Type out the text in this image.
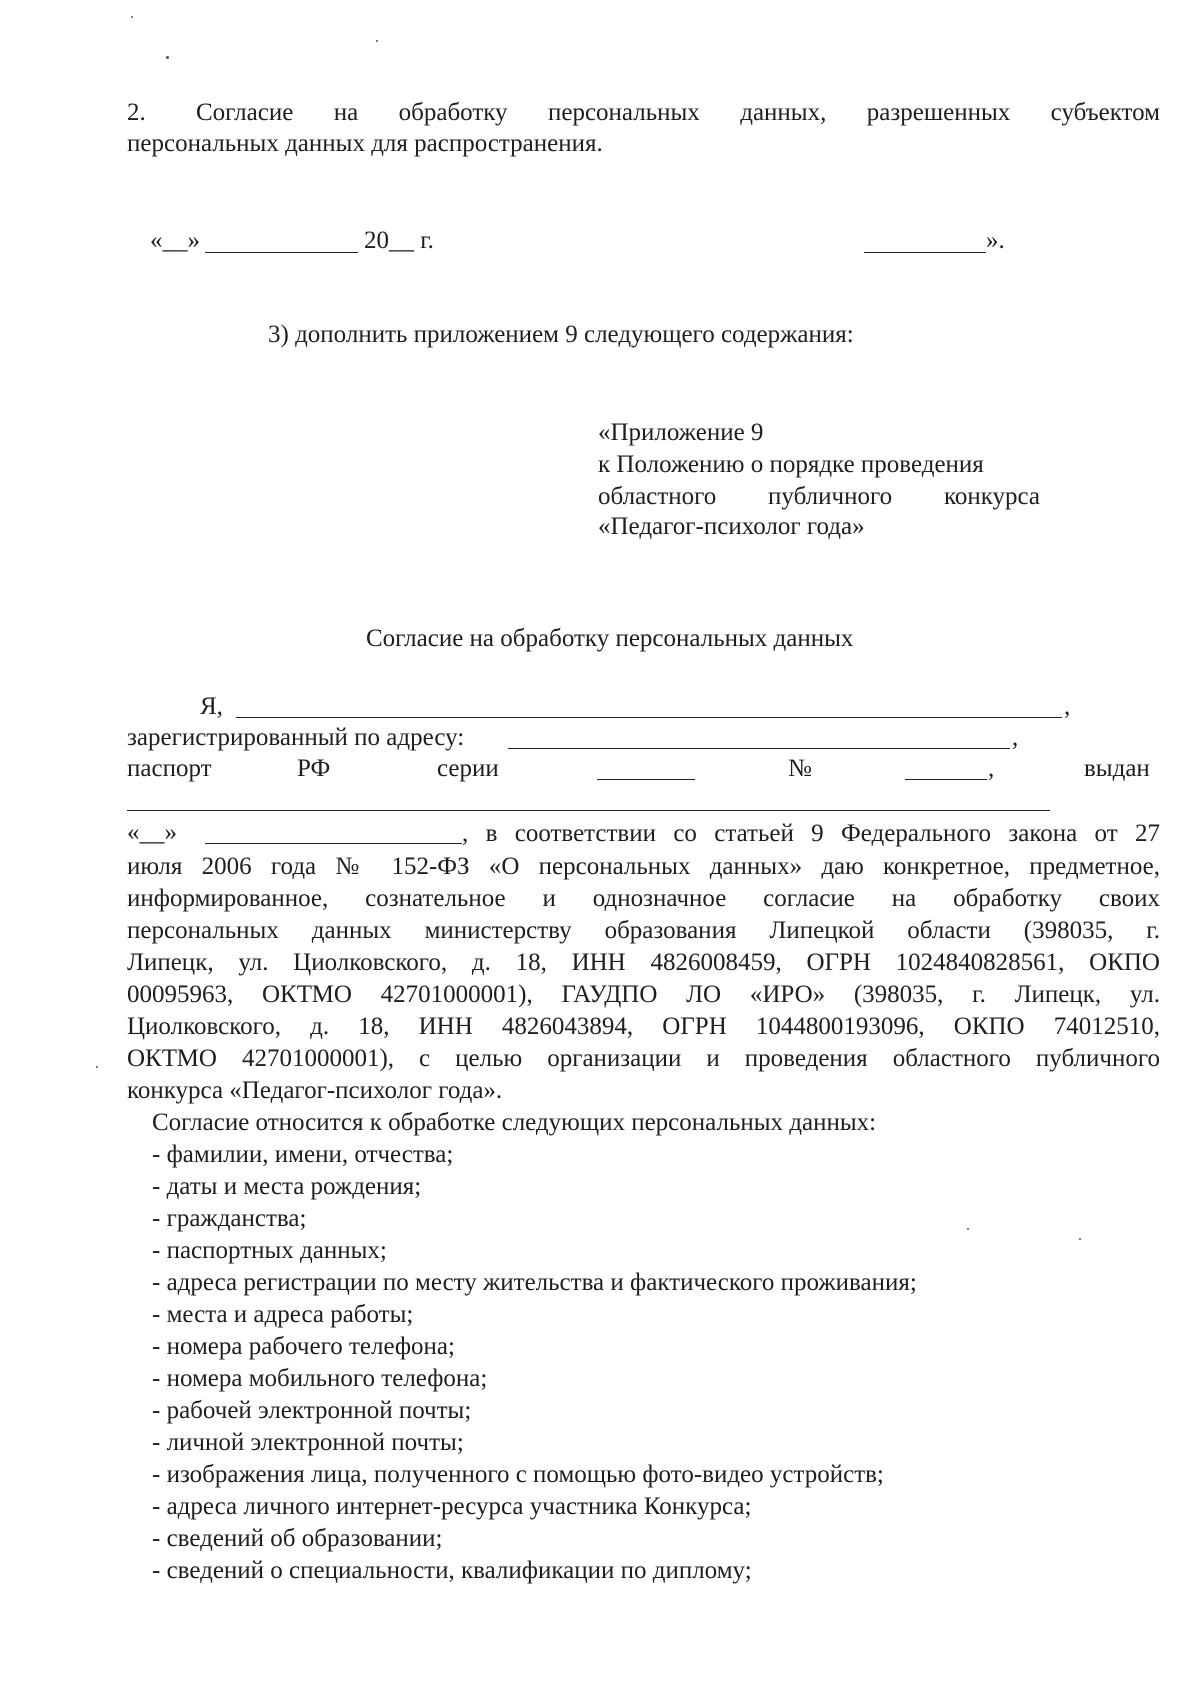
2. Согласие на обработку персональных данных, разрешенных субъектом
персональных данных для распространения.
«__»	20__ г.	».
3) дополнить приложением 9 следующего содержания:
«Приложение 9
к Положению о порядке проведения
областного публичного конкурса
«Педагог-психолог года»
Согласие на обработку персональных данных
Я,	,
зарегистрированный по адресу:	,
паспорт	РФ	серии	№	,	выдан
«__»	, в соответствии со статьей 9 Федерального закона от 27
июля 2006 года № 152-ФЗ «О персональных данных» даю конкретное, предметное,
информированное, сознательное и однозначное согласие на обработку своих
персональных данных министерству образования Липецкой области (398035, г.
Липецк, ул. Циолковского, д. 18, ИНН 4826008459, ОГРН 1024840828561, ОКПО
00095963, ОКТМО 42701000001), ГАУДПО ЛО «ИРО» (398035, г. Липецк, ул.
Циолковского, д. 18, ИНН 4826043894, ОГРН 1044800193096, ОКПО 74012510,
ОКТМО 42701000001), с целью организации и проведения областного публичного
конкурса «Педагог-психолог года».
Согласие относится к обработке следующих персональных данных:
- фамилии, имени, отчества;
- даты и места рождения;
- гражданства;
- паспортных данных;
- адреса регистрации по месту жительства и фактического проживания;
- места и адреса работы;
- номера рабочего телефона;
- номера мобильного телефона;
- рабочей электронной почты;
- личной электронной почты;
- изображения лица, полученного с помощью фото-видео устройств;
- адреса личного интернет-ресурса участника Конкурса;
- сведений об образовании;
- сведений о специальности, квалификации по диплому;
